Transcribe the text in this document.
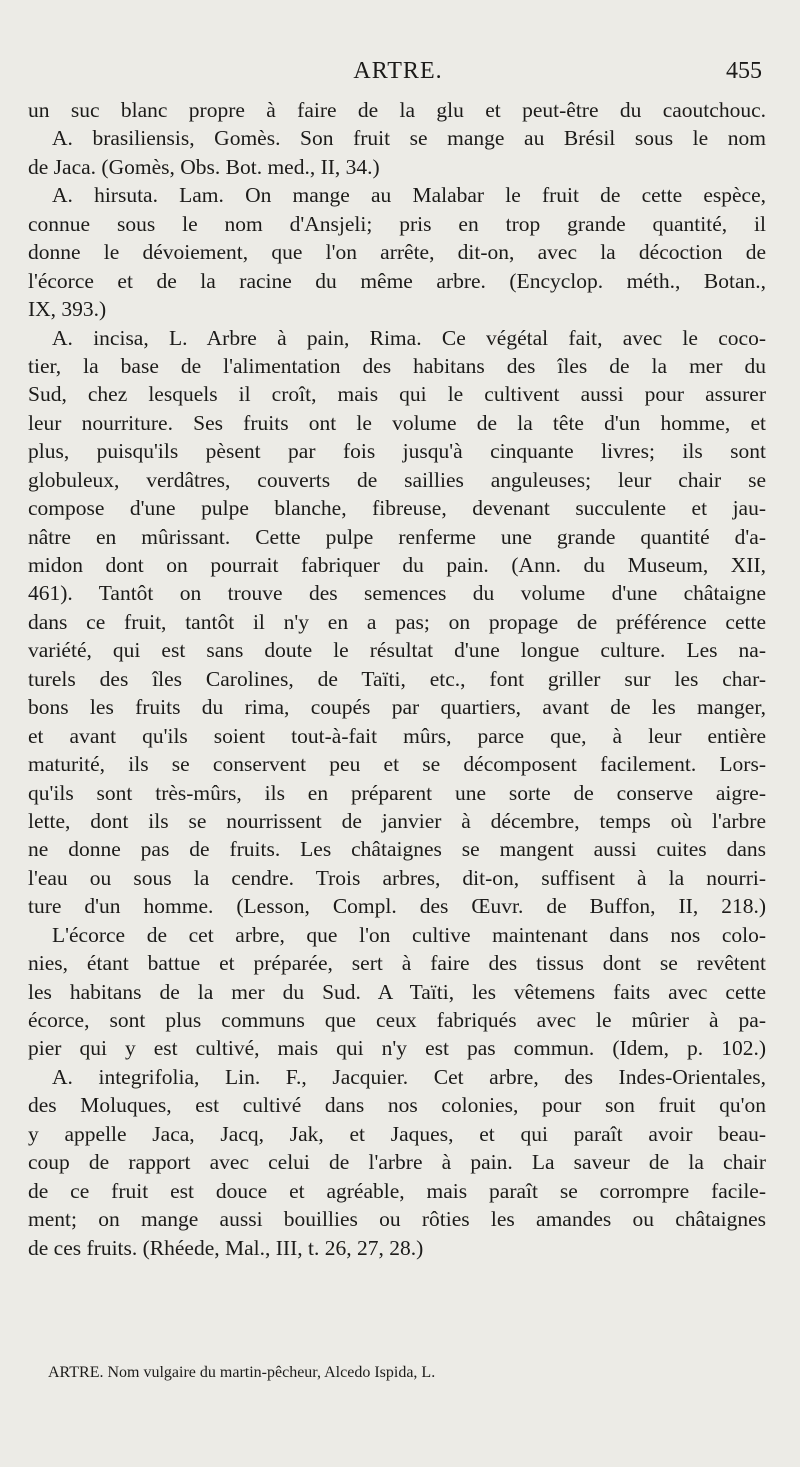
ARTRE.	455
un suc blanc propre à faire de la glu et peut-être du caoutchouc.
A. brasiliensis, Gomès. Son fruit se mange au Brésil sous le nom
de Jaca. (Gomès, Obs. Bot. med., II, 34.)
A. hirsuta. Lam. On mange au Malabar le fruit de cette espèce,
connue sous le nom d'Ansjeli; pris en trop grande quantité, il
donne le dévoiement, que l'on arrête, dit-on, avec la décoction de
l'écorce et de la racine du même arbre. (Encyclop. méth., Botan.,
IX, 393.)
A. incisa, L. Arbre à pain, Rima. Ce végétal fait, avec le coco-
tier, la base de l'alimentation des habitans des îles de la mer du
Sud, chez lesquels il croît, mais qui le cultivent aussi pour assurer
leur nourriture. Ses fruits ont le volume de la tête d'un homme, et
plus, puisqu'ils pèsent par fois jusqu'à cinquante livres; ils sont
globuleux, verdâtres, couverts de saillies anguleuses; leur chair se
compose d'une pulpe blanche, fibreuse, devenant succulente et jau-
nâtre en mûrissant. Cette pulpe renferme une grande quantité d'a-
midon dont on pourrait fabriquer du pain. (Ann. du Museum, XII,
461). Tantôt on trouve des semences du volume d'une châtaigne
dans ce fruit, tantôt il n'y en a pas; on propage de préférence cette
variété, qui est sans doute le résultat d'une longue culture. Les na-
turels des îles Carolines, de Taïti, etc., font griller sur les char-
bons les fruits du rima, coupés par quartiers, avant de les manger,
et avant qu'ils soient tout-à-fait mûrs, parce que, à leur entière
maturité, ils se conservent peu et se décomposent facilement. Lors-
qu'ils sont très-mûrs, ils en préparent une sorte de conserve aigre-
lette, dont ils se nourrissent de janvier à décembre, temps où l'arbre
ne donne pas de fruits. Les châtaignes se mangent aussi cuites dans
l'eau ou sous la cendre. Trois arbres, dit-on, suffisent à la nourri-
ture d'un homme. (Lesson, Compl. des Œuvr. de Buffon, II, 218.)
L'écorce de cet arbre, que l'on cultive maintenant dans nos colo-
nies, étant battue et préparée, sert à faire des tissus dont se revêtent
les habitans de la mer du Sud. A Taïti, les vêtemens faits avec cette
écorce, sont plus communs que ceux fabriqués avec le mûrier à pa-
pier qui y est cultivé, mais qui n'y est pas commun. (Idem, p. 102.)
A. integrifolia, Lin. F., Jacquier. Cet arbre, des Indes-Orientales,
des Moluques, est cultivé dans nos colonies, pour son fruit qu'on
y appelle Jaca, Jacq, Jak, et Jaques, et qui paraît avoir beau-
coup de rapport avec celui de l'arbre à pain. La saveur de la chair
de ce fruit est douce et agréable, mais paraît se corrompre facile-
ment; on mange aussi bouillies ou rôties les amandes ou châtaignes
de ces fruits. (Rhéede, Mal., III, t. 26, 27, 28.)
ARTRE. Nom vulgaire du martin-pêcheur, Alcedo Ispida, L.
